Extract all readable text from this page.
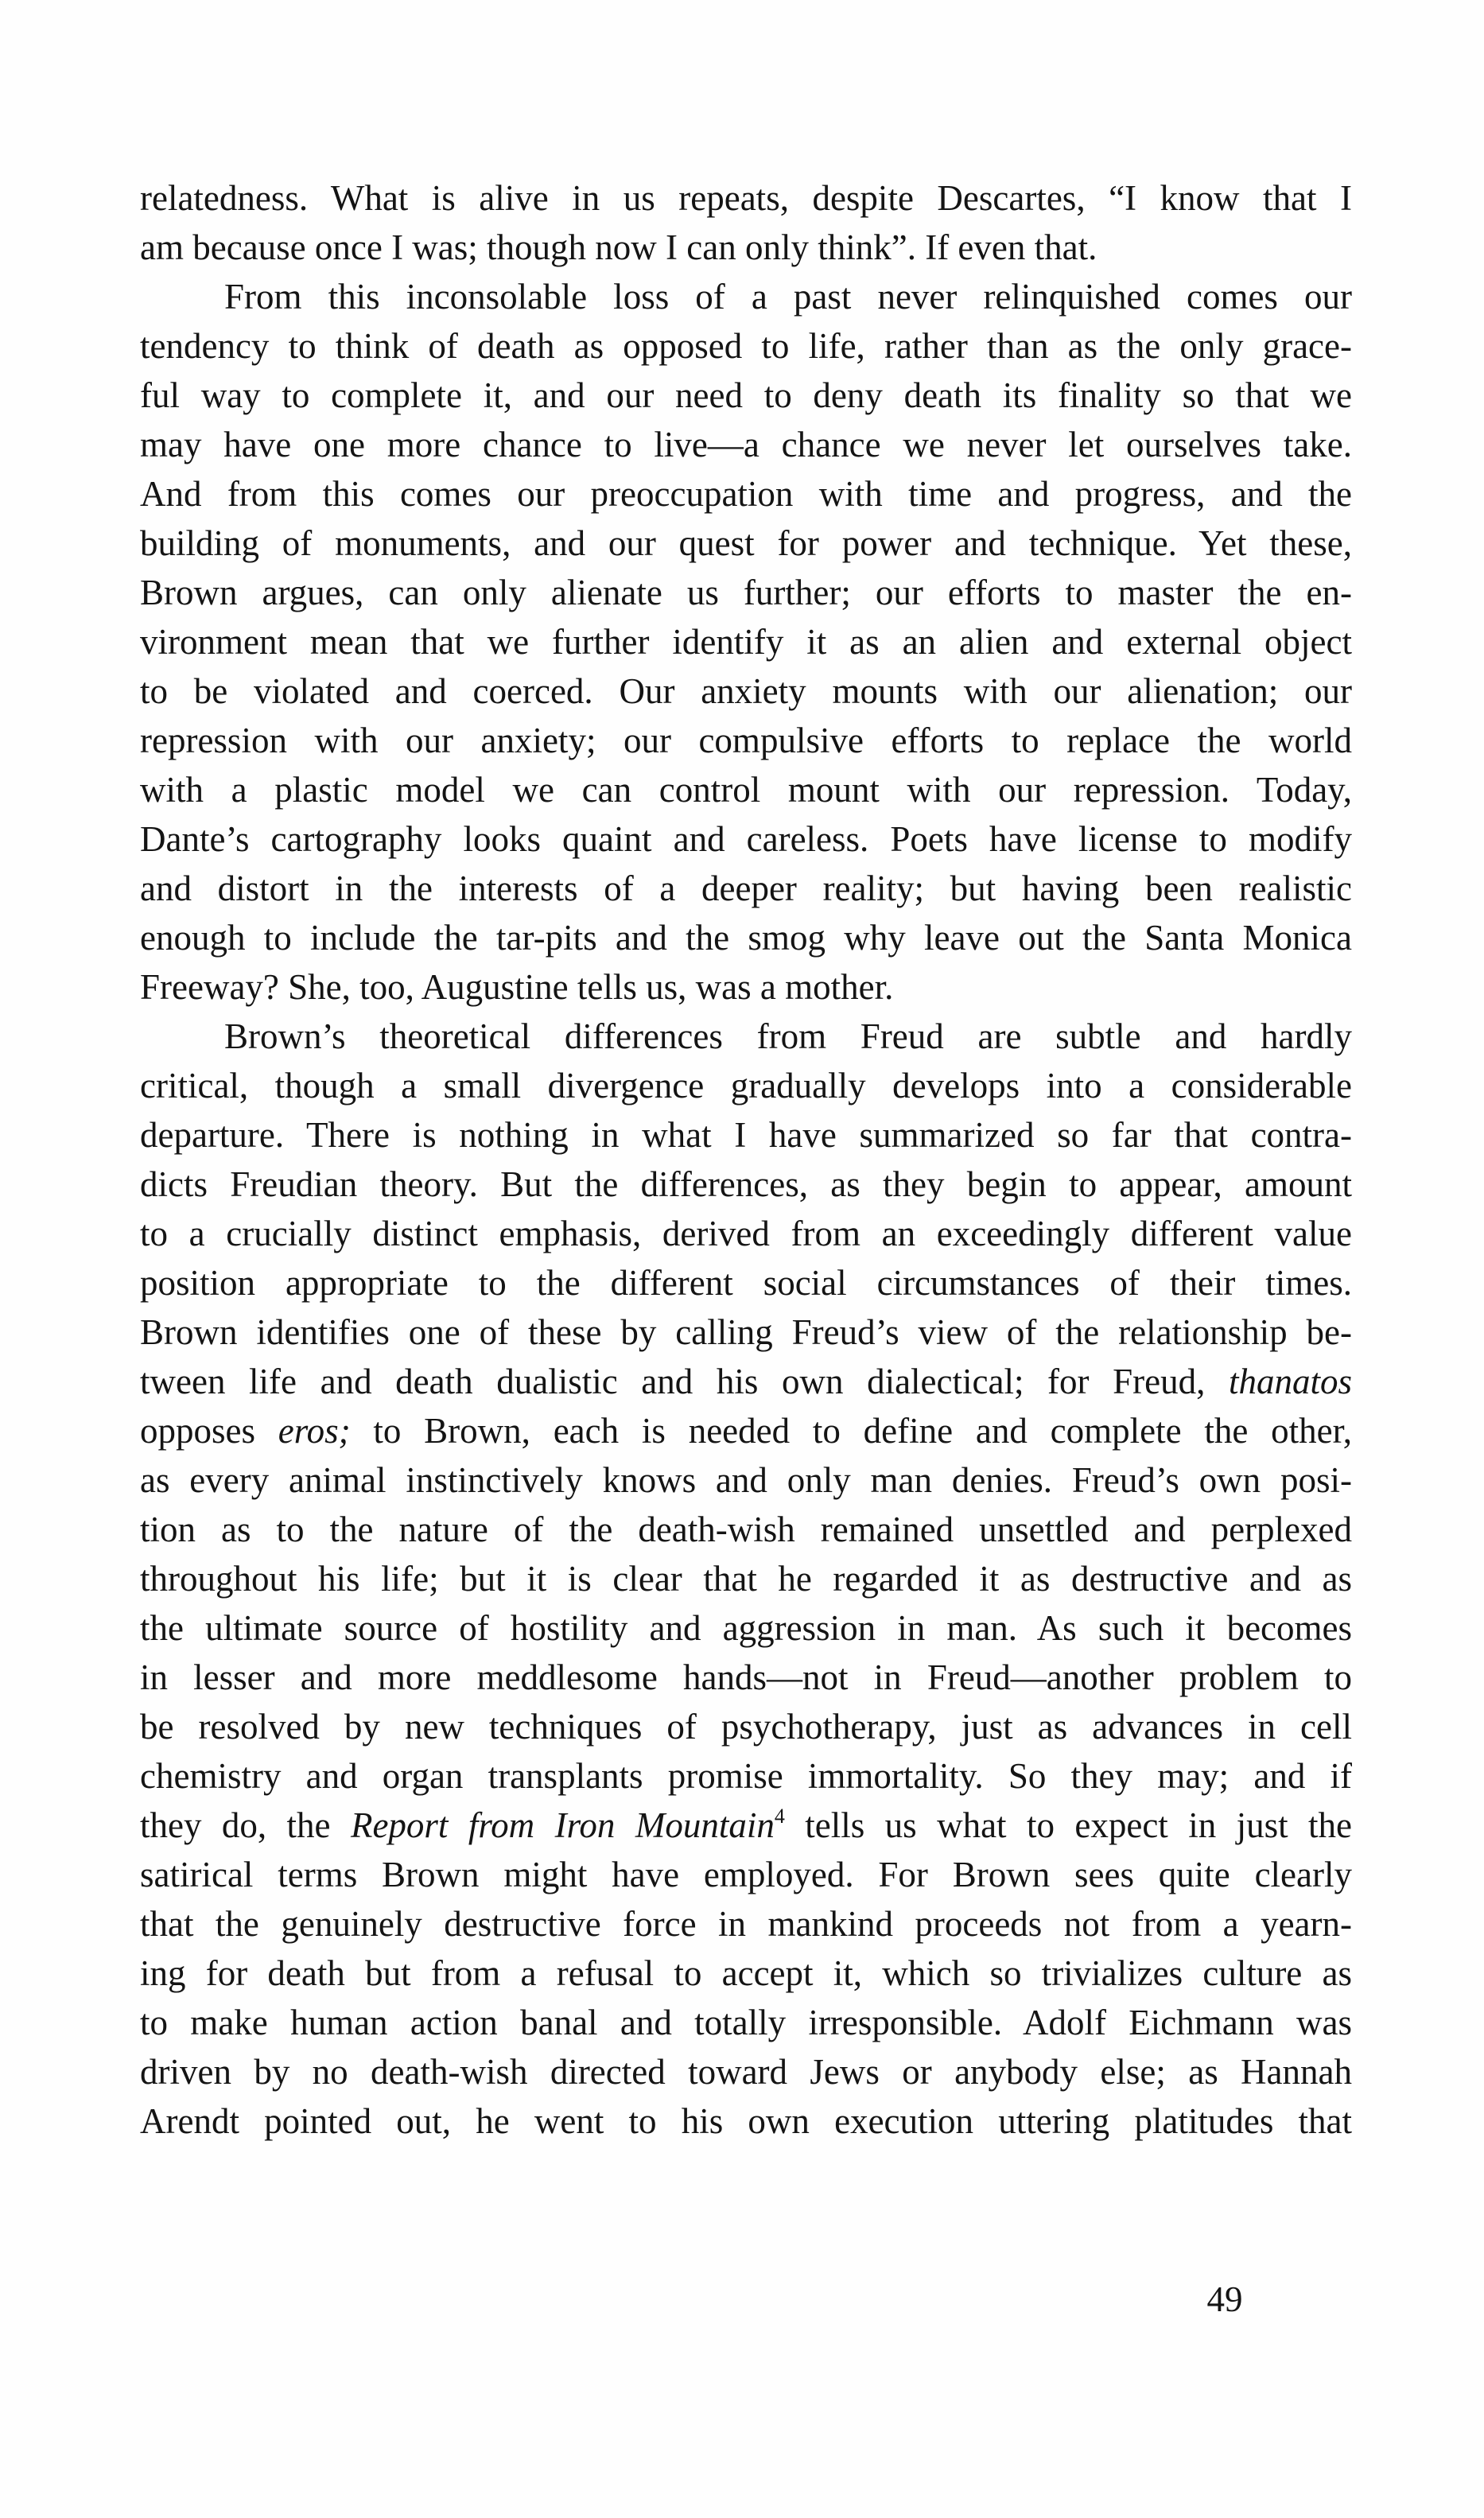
relatedness. What is alive in us repeats, despite Descartes, “I know that I
am because once I was; though now I can only think”. If even that.
From this inconsolable loss of a past never relinquished comes our
tendency to think of death as opposed to life, rather than as the only grace-
ful way to complete it, and our need to deny death its finality so that we
may have one more chance to live—a chance we never let ourselves take.
And from this comes our preoccupation with time and progress, and the
building of monuments, and our quest for power and technique. Yet these,
Brown argues, can only alienate us further; our efforts to master the en-
vironment mean that we further identify it as an alien and external object
to be violated and coerced. Our anxiety mounts with our alienation; our
repression with our anxiety; our compulsive efforts to replace the world
with a plastic model we can control mount with our repression. Today,
Dante’s cartography looks quaint and careless. Poets have license to modify
and distort in the interests of a deeper reality; but having been realistic
enough to include the tar-pits and the smog why leave out the Santa Monica
Freeway? She, too, Augustine tells us, was a mother.
Brown’s theoretical differences from Freud are subtle and hardly
critical, though a small divergence gradually develops into a considerable
departure. There is nothing in what I have summarized so far that contra-
dicts Freudian theory. But the differences, as they begin to appear, amount
to a crucially distinct emphasis, derived from an exceedingly different value
position appropriate to the different social circumstances of their times.
Brown identifies one of these by calling Freud’s view of the relationship be-
tween life and death dualistic and his own dialectical; for Freud, thanatos
opposes eros; to Brown, each is needed to define and complete the other,
as every animal instinctively knows and only man denies. Freud’s own posi-
tion as to the nature of the death-wish remained unsettled and perplexed
throughout his life; but it is clear that he regarded it as destructive and as
the ultimate source of hostility and aggression in man. As such it becomes
in lesser and more meddlesome hands—not in Freud—another problem to
be resolved by new techniques of psychotherapy, just as advances in cell
chemistry and organ transplants promise immortality. So they may; and if
they do, the Report from Iron Mountain$^4$ tells us what to expect in just the
satirical terms Brown might have employed. For Brown sees quite clearly
that the genuinely destructive force in mankind proceeds not from a yearn-
ing for death but from a refusal to accept it, which so trivializes culture as
to make human action banal and totally irresponsible. Adolf Eichmann was
driven by no death-wish directed toward Jews or anybody else; as Hannah
Arendt pointed out, he went to his own execution uttering platitudes that
49
